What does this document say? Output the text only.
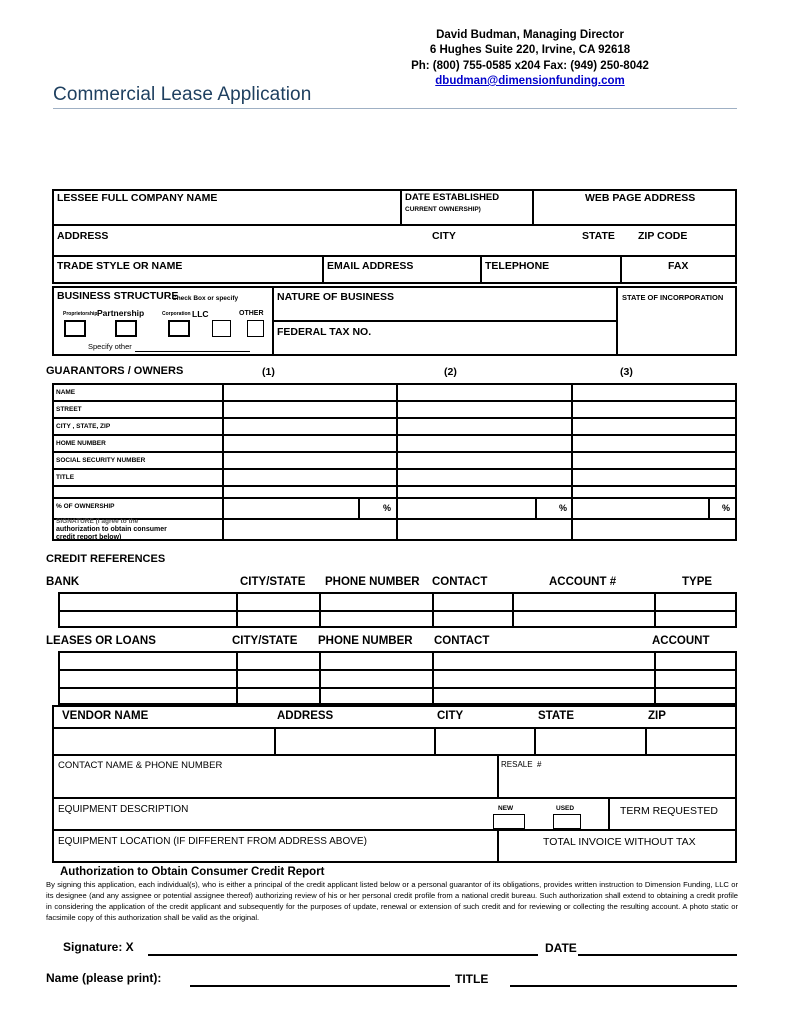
David Budman, Managing Director
6 Hughes Suite 220, Irvine, CA 92618
Ph: (800) 755-0585 x204 Fax: (949) 250-8042
dbudman@dimensionfunding.com
Commercial Lease Application
LESSEE FULL COMPANY NAME	DATE ESTABLISHED
CURRENT OWNERSHIP)
WEB PAGE ADDRESS
ADDRESS	CITY	STATE ZIP CODE
TRADE STYLE OR NAME	EMAIL ADDRESS	TELEPHONE	FAX
BUSINESS STRUCTURE
Check Box or specify
Proprietorship Partnership	Corporation LLC	OTHER
Specify other
NATURE OF BUSINESS
FEDERAL TAX NO.
STATE OF INCORPORATION
GUARANTORS / OWNERS	(1)	(2)	(3)
NAME
STREET
CITY , STATE, ZIP
HOME NUMBER
SOCIAL SECURITY NUMBER
TITLE
% OF OWNERSHIP	%	%	%
SIGNATURE (I agree to the
authorization to obtain consumer
credit report below)
CREDIT REFERENCES
BANK	CITY/STATE PHONE NUMBER CONTACT	ACCOUNT #	TYPE
LEASES OR LOANS	CITY/STATE PHONE NUMBER CONTACT	ACCOUNT
VENDOR NAME	ADDRESS	CITY	STATE	ZIP
CONTACT NAME & PHONE NUMBER	RESALE #
EQUIPMENT DESCRIPTION	NEW	USED	TERM REQUESTED
EQUIPMENT LOCATION (IF DIFFERENT FROM ADDRESS ABOVE)	TOTAL INVOICE WITHOUT TAX
Authorization to Obtain Consumer Credit Report
By signing this application, each individual(s), who is either a principal of the credit applicant listed below or a personal guarantor of its obligations, provides written instruction to Dimension Funding, LLC or its designee (and any assignee or potential assignee thereof) authorizing review of his or her personal credit profile from a national credit bureau. Such authorization shall extend to obtaining a credit profile in considering the application of the credit applicant and subsequently for the purposes of update, renewal or extension of such credit and for reviewing or collecting the resulting account. A photo static or facsimile copy of this authorization shall be valid as the original.
Signature: X	DATE
Name (please print):	TITLE
